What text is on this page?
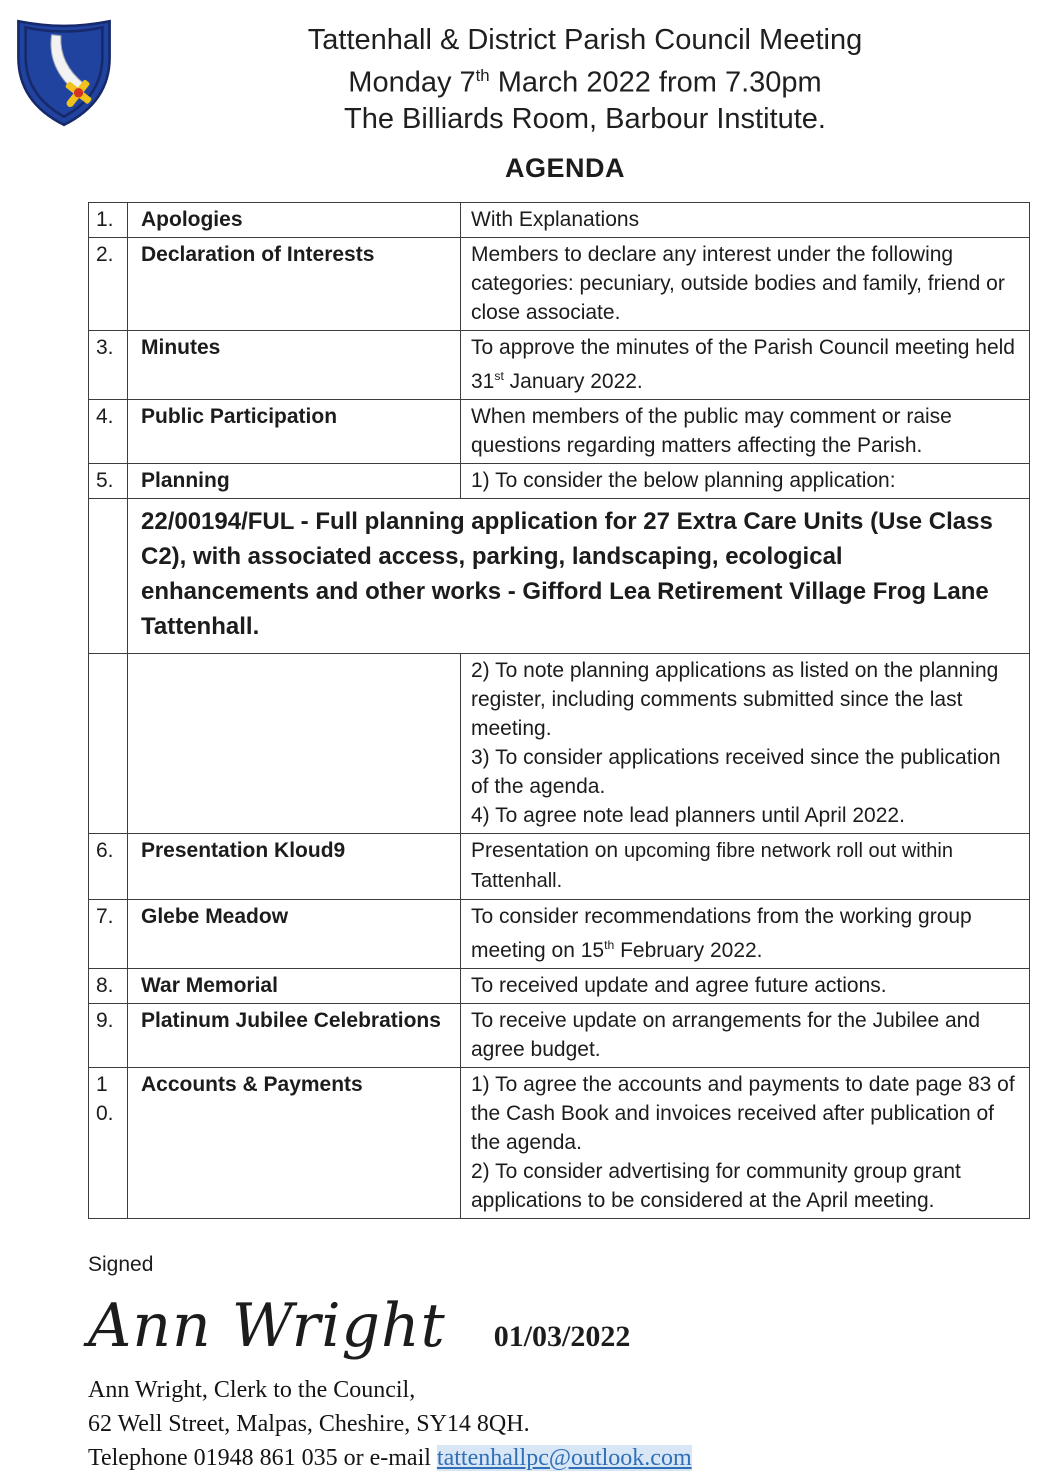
Tattenhall & District Parish Council Meeting
Monday 7th March 2022 from 7.30pm
The Billiards Room, Barbour Institute.
AGENDA
1.	Apologies	With Explanations
2.	Declaration of Interests	Members to declare any interest under the following categories: pecuniary, outside bodies and family, friend or close associate.
3.	Minutes	To approve the minutes of the Parish Council meeting held 31st January 2022.
4.	Public Participation	When members of the public may comment or raise questions regarding matters affecting the Parish.
5.	Planning	1) To consider the below planning application:
	22/00194/FUL - Full planning application for 27 Extra Care Units (Use Class C2), with associated access, parking, landscaping, ecological enhancements and other works - Gifford Lea Retirement Village Frog Lane Tattenhall.	

		2) To note planning applications as listed on the planning register, including comments submitted since the last meeting.
3) To consider applications received since the publication of the agenda.
4) To agree note lead planners until April 2022.

6.	Presentation Kloud9	Presentation on upcoming fibre network roll out within Tattenhall.
7.	Glebe Meadow	To consider recommendations from the working group meeting on 15th February 2022.
8.	War Memorial	To received update and agree future actions.
9.	Platinum Jubilee Celebrations	To receive update on arrangements for the Jubilee and agree budget.
10.	Accounts & Payments	1) To agree the accounts and payments to date page 83 of the Cash Book and invoices received after publication of the agenda.
2) To consider advertising for community group grant applications to be considered at the April meeting.
Signed
Ann Wright 01/03/2022
Ann Wright, Clerk to the Council,
62 Well Street, Malpas, Cheshire, SY14 8QH.
Telephone 01948 861 035 or e-mail tattenhallpc@outlook.com
